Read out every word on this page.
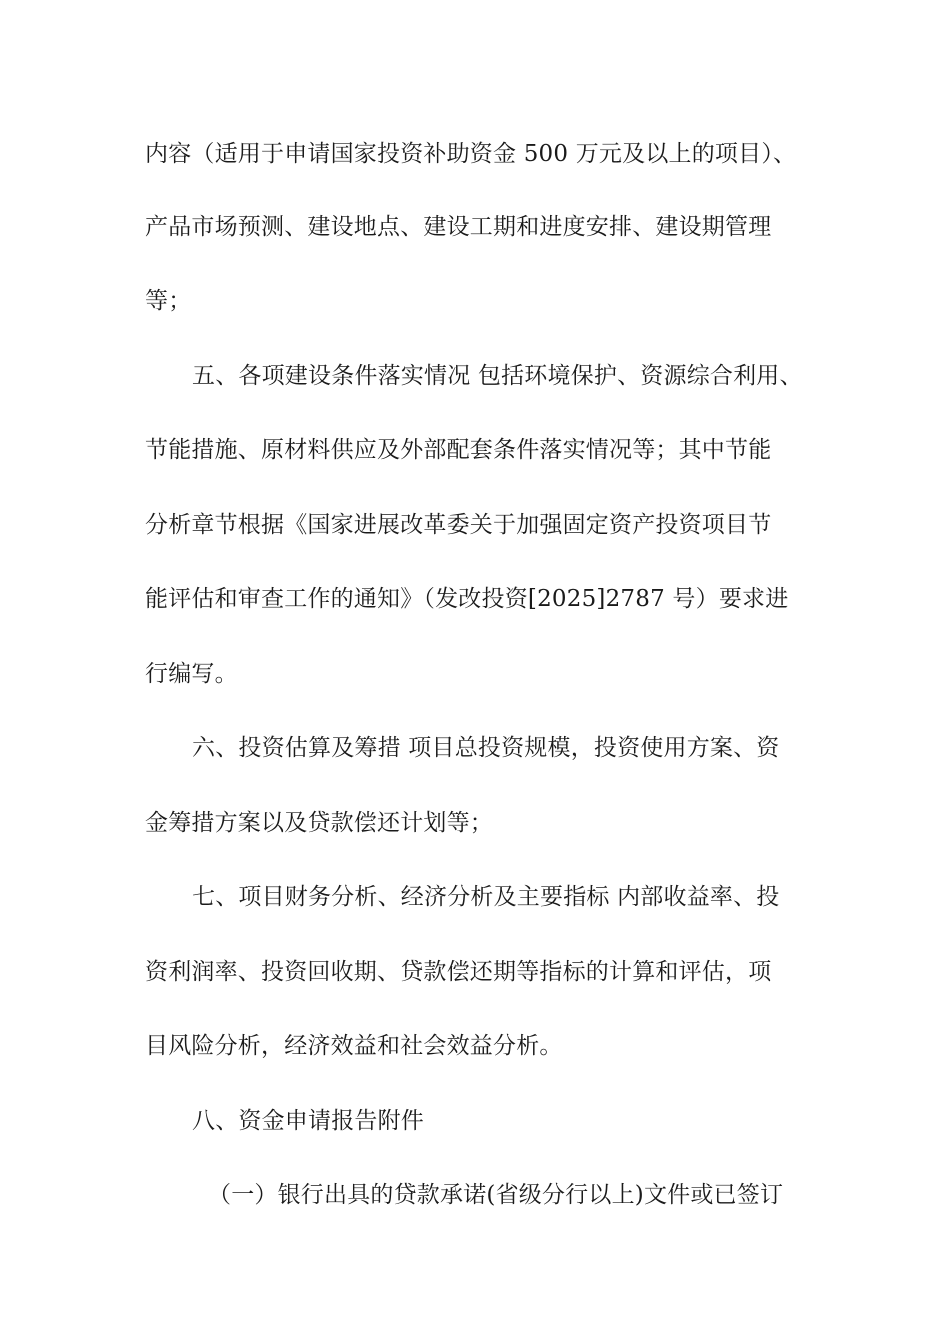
内容（适用于申请国家投资补助资金 500 万元及以上的项目）、
产品市场预测、建设地点、建设工期和进度安排、建设期管理
等；
五、各项建设条件落实情况 包括环境保护、资源综合利用、
节能措施、原材料供应及外部配套条件落实情况等；其中节能
分析章节根据《国家进展改革委关于加强固定资产投资项目节
能评估和审查工作的通知》（发改投资[2025]2787 号）要求进
行编写。
六、投资估算及筹措 项目总投资规模，投资使用方案、资
金筹措方案以及贷款偿还计划等；
七、项目财务分析、经济分析及主要指标 内部收益率、投
资利润率、投资回收期、贷款偿还期等指标的计算和评估，项
目风险分析，经济效益和社会效益分析。
八、资金申请报告附件
（一）银行出具的贷款承诺(省级分行以上)文件或已签订
